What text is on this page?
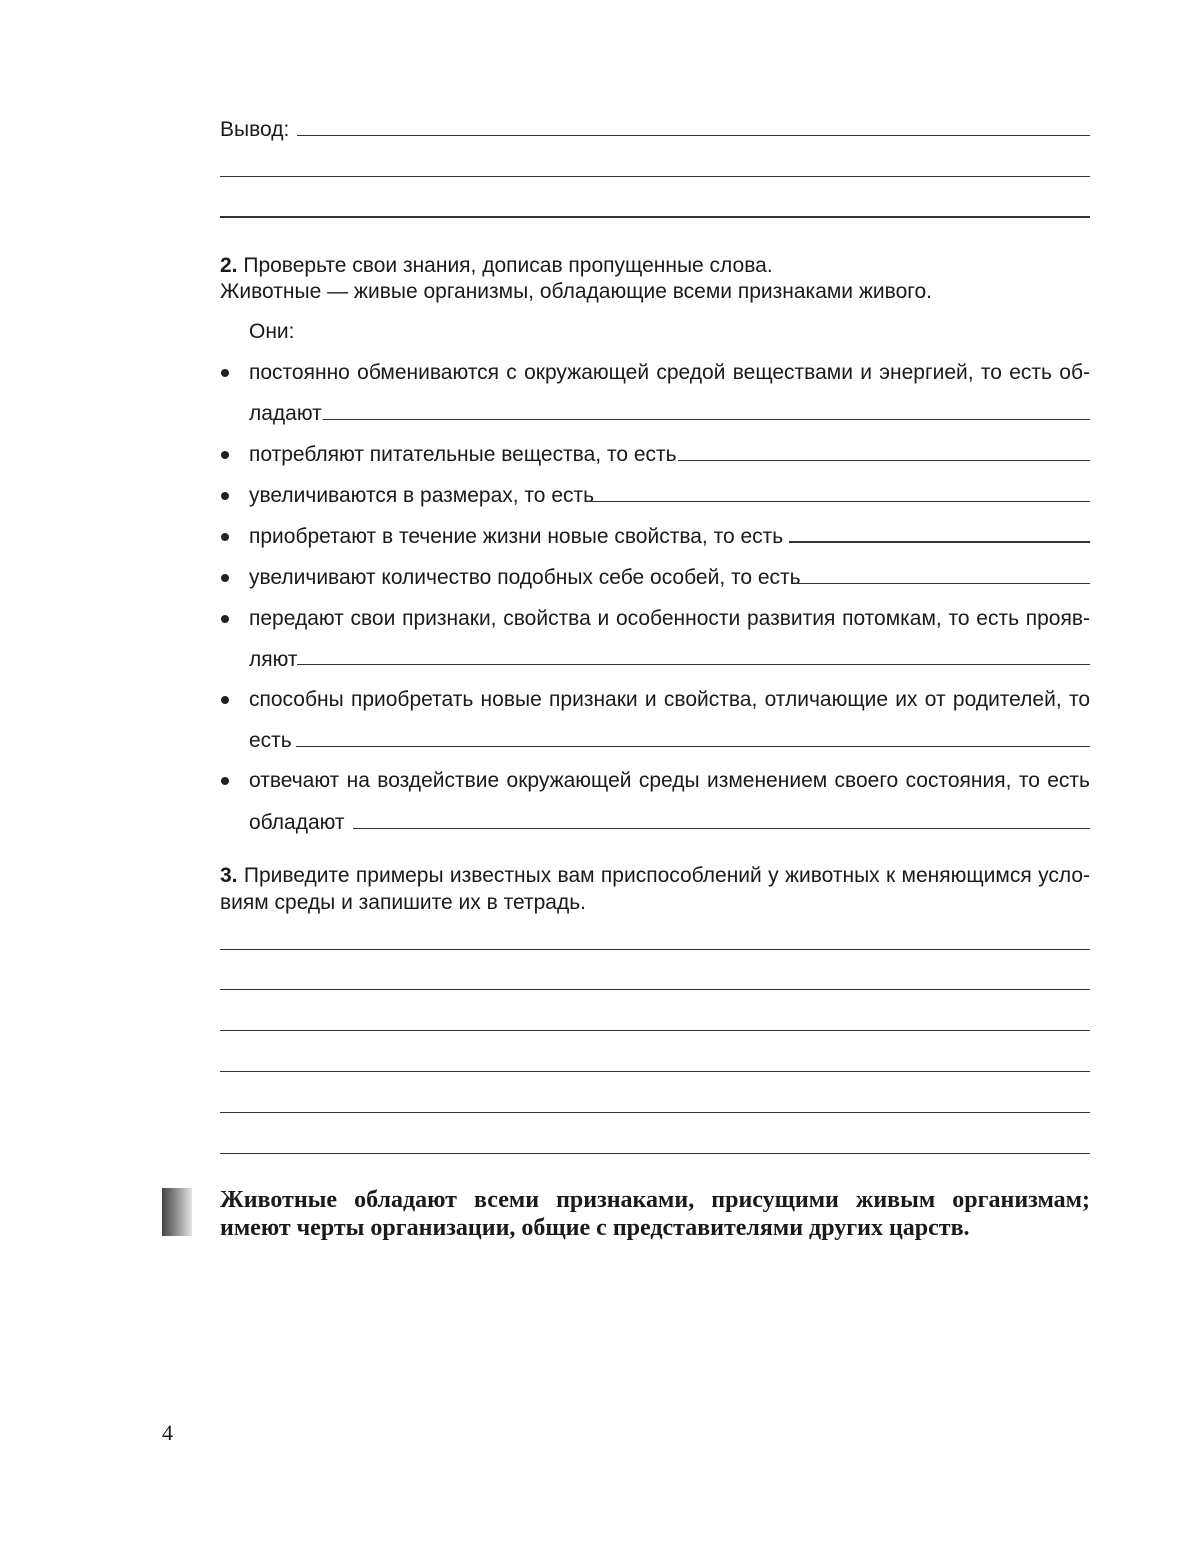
Вывод:
2. Проверьте свои знания, дописав пропущенные слова.
Животные — живые организмы, обладающие всеми признаками живого.
Они:
постоянно обмениваются с окружающей средой веществами и энергией, то есть об-
ладают
потребляют питательные вещества, то есть
увеличиваются в размерах, то есть
приобретают в течение жизни новые свойства, то есть
увеличивают количество подобных себе особей, то есть
передают свои признаки, свойства и особенности развития потомкам, то есть прояв-
ляют
способны приобретать новые признаки и свойства, отличающие их от родителей, то
есть
отвечают на воздействие окружающей среды изменением своего состояния, то есть
обладают
3. Приведите примеры известных вам приспособлений у животных к меняющимся усло-
виям среды и запишите их в тетрадь.
Животные обладают всеми признаками, присущими живым организмам;
имеют черты организации, общие с представителями других царств.
4
